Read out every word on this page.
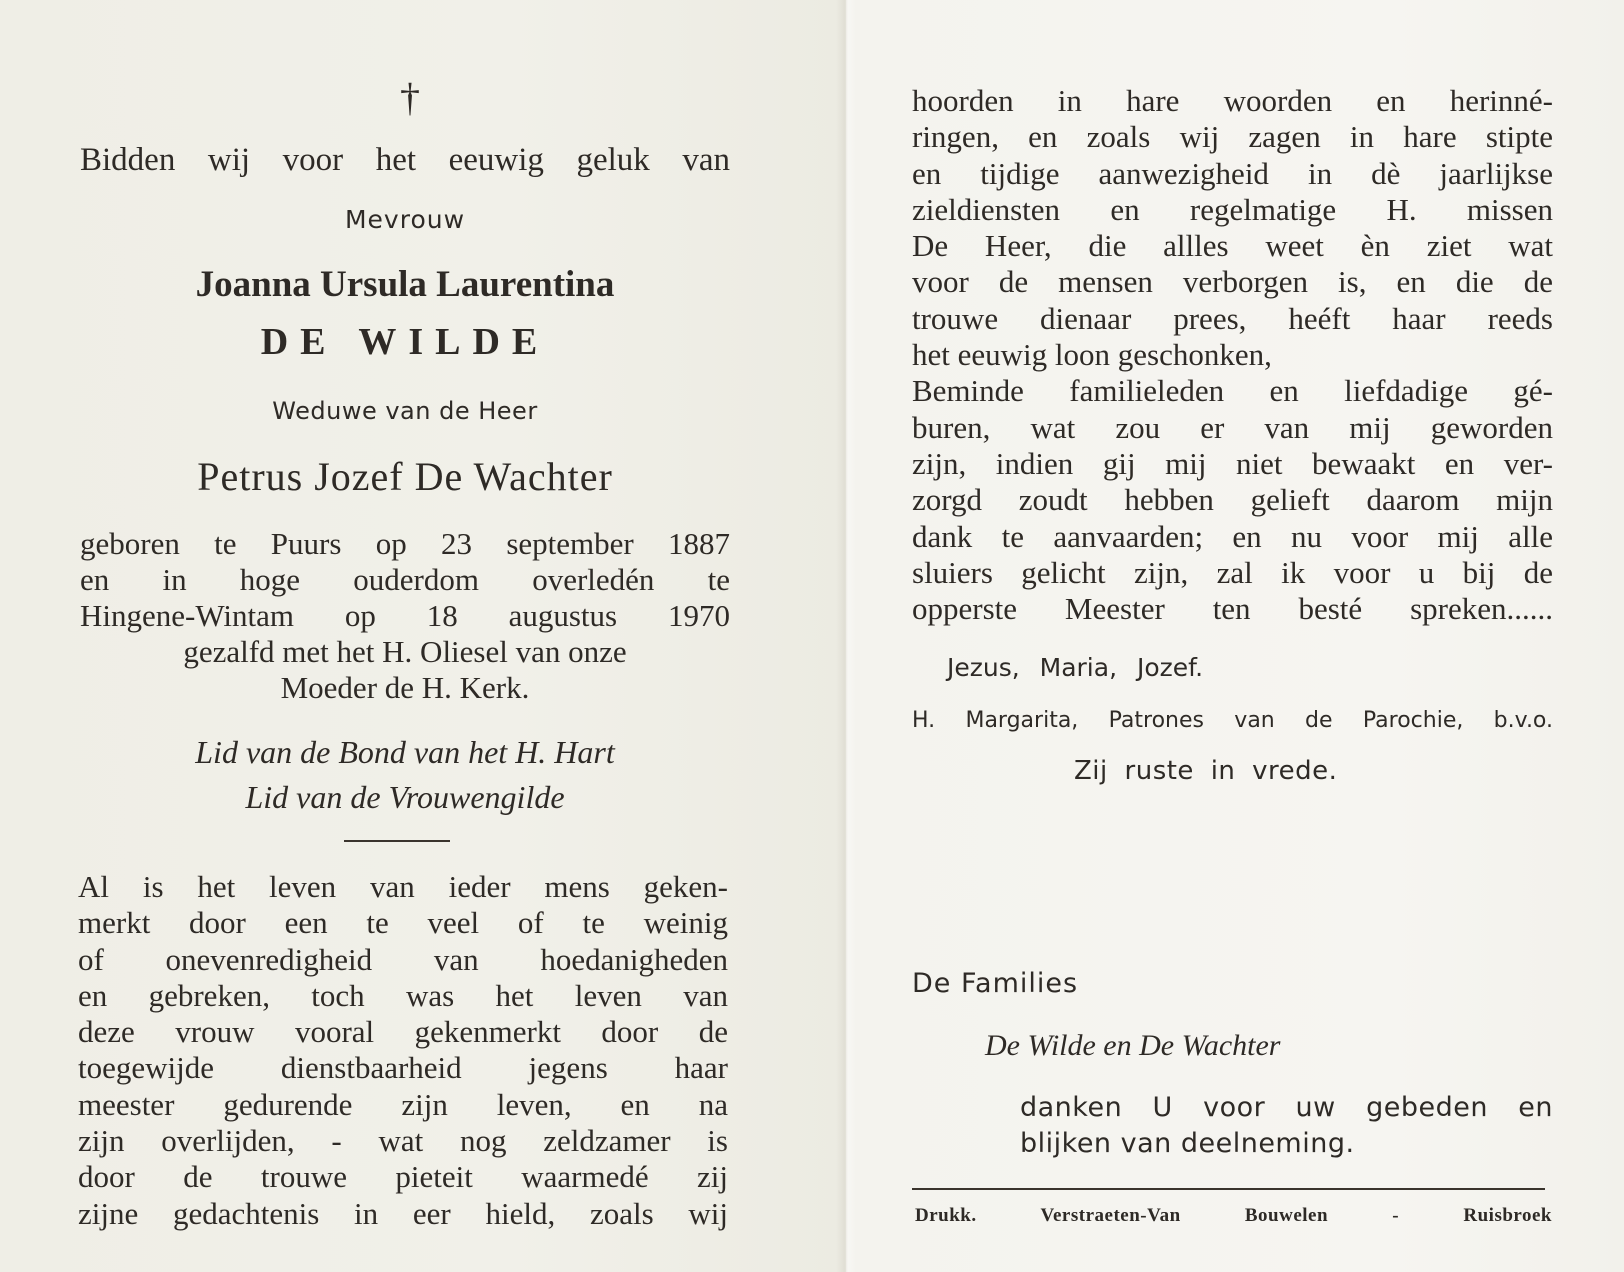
†
Bidden wij voor het eeuwig geluk van
Mevrouw
Joanna Ursula Laurentina
DE WILDE
Weduwe van de Heer
Petrus Jozef De Wachter
geboren te Puurs op 23 september 1887
en in hoge ouderdom overledén te
Hingene-Wintam op 18 augustus 1970
gezalfd met het H. Oliesel van onze
Moeder de H. Kerk.
Lid van de Bond van het H. Hart
Lid van de Vrouwengilde
Al is het leven van ieder mens geken-
merkt door een te veel of te weinig
of onevenredigheid van hoedanigheden
en gebreken, toch was het leven van
deze vrouw vooral gekenmerkt door de
toegewijde dienstbaarheid jegens haar
meester gedurende zijn leven, en na
zijn overlijden, - wat nog zeldzamer is
door de trouwe pieteit waarmedé zij
zijne gedachtenis in eer hield, zoals wij
hoorden in hare woorden en herinné-
ringen, en zoals wij zagen in hare stipte
en tijdige aanwezigheid in dè jaarlijkse
zieldiensten en regelmatige H. missen
De Heer, die allles weet èn ziet wat
voor de mensen verborgen is, en die de
trouwe dienaar prees, heéft haar reeds
het eeuwig loon geschonken,
Beminde familieleden en liefdadige gé-
buren, wat zou er van mij geworden
zijn, indien gij mij niet bewaakt en ver-
zorgd zoudt hebben gelieft daarom mijn
dank te aanvaarden; en nu voor mij alle
sluiers gelicht zijn, zal ik voor u bij de
opperste Meester ten besté spreken......
Jezus, Maria, Jozef.
H. Margarita, Patrones van de Parochie, b.v.o.
Zij ruste in vrede.
De Families
De Wilde en De Wachter
danken U voor uw gebeden en
blijken van deelneming.
Drukk. Verstraeten-Van Bouwelen - Ruisbroek
